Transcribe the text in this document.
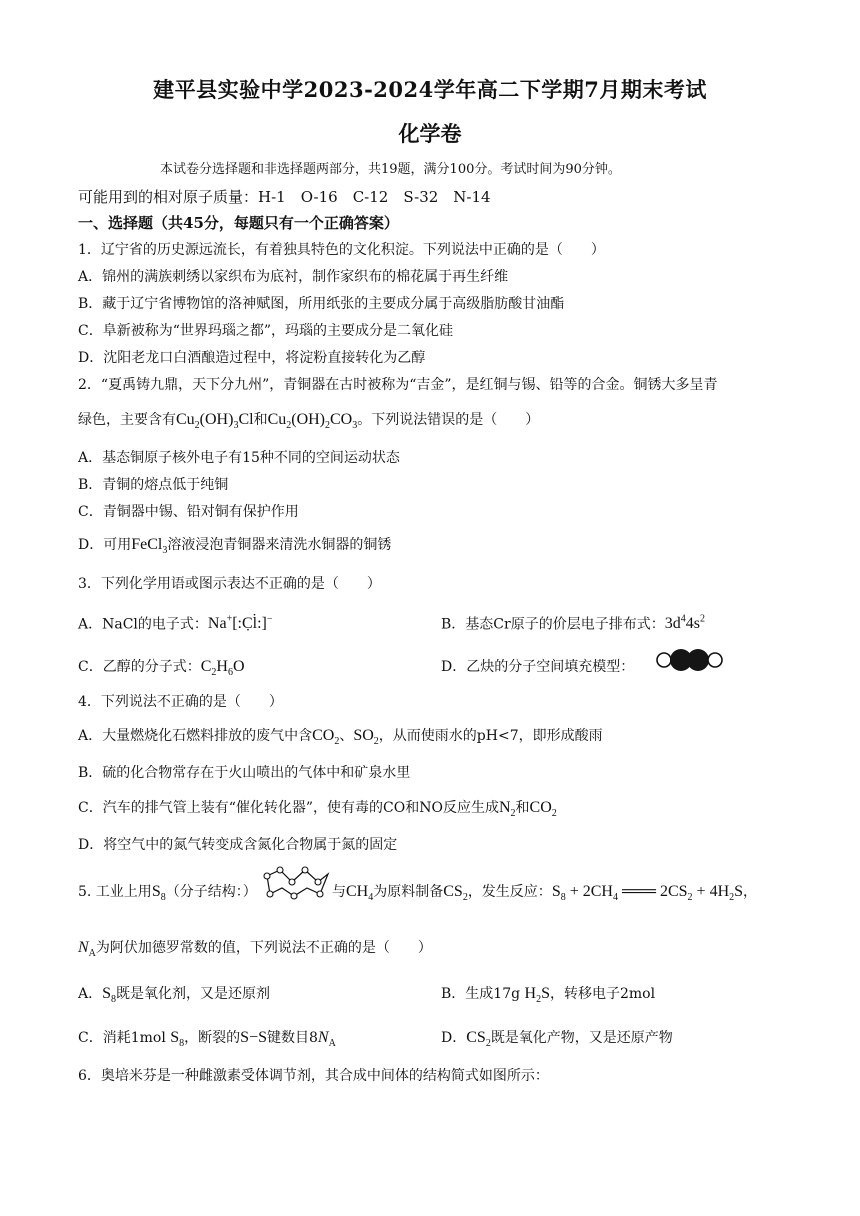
建平县实验中学2023-2024学年高二下学期7月期末考试
化学卷
本试卷分选择题和非选择题两部分，共19题，满分100分。考试时间为90分钟。
可能用到的相对原子质量：H-1　O-16　C-12　S-32　N-14
一、选择题（共45分，每题只有一个正确答案）
1．辽宁省的历史源远流长，有着独具特色的文化积淀。下列说法中正确的是（　　）
A．锦州的满族刺绣以家织布为底衬，制作家织布的棉花属于再生纤维
B．藏于辽宁省博物馆的洛神赋图，所用纸张的主要成分属于高级脂肪酸甘油酯
C．阜新被称为“世界玛瑙之都”，玛瑙的主要成分是二氧化硅
D．沈阳老龙口白酒酿造过程中，将淀粉直接转化为乙醇
2．“夏禹铸九鼎，天下分九州”，青铜器在古时被称为“吉金”，是红铜与锡、铅等的合金。铜锈大多呈青
绿色，主要含有$Cu_2(OH)_3Cl$和$Cu_2(OH)_2CO_3$。下列说法错误的是（　　）
A．基态铜原子核外电子有15种不同的空间运动状态
B．青铜的熔点低于纯铜
C．青铜器中锡、铅对铜有保护作用
D．可用FeCl$_3$溶液浸泡青铜器来清洗水铜器的铜锈
3．下列化学用语或图示表达不正确的是（　　）
A．NaCl的电子式：Na+[:C̣l̇:]−	B．基态Cr原子的价层电子排布式：$3d^44s^2$
C．乙醇的分子式：$C_2H_6O$	D．乙炔的分子空间填充模型：
4．下列说法不正确的是（　　）
A．大量燃烧化石燃料排放的废气中含$CO_2$、$SO_2$，从而使雨水的pH<7，即形成酸雨
B．硫的化合物常存在于火山喷出的气体中和矿泉水里
C．汽车的排气管上装有“催化转化器”，使有毒的CO和NO反应生成$N_2$和$CO_2$
D．将空气中的氮气转变成含氮化合物属于氮的固定
5. 工业上用$S_8$（分子结构：）	与$CH_4$为原料制备$CS_2$，发生反应：$S_8 + 2CH_4$ ═══ $2CS_2 + 4H_2S$，
$N_A$为阿伏加德罗常数的值，下列说法不正确的是（　　）
A．$S_8$既是氧化剂，又是还原剂	B．生成17g $H_2S$，转移电子2mol
C．消耗1mol $S_8$，断裂的S−S键数目$8N_A$	D．$CS_2$既是氧化产物，又是还原产物
6．奥培米芬是一种雌激素受体调节剂，其合成中间体的结构简式如图所示：
